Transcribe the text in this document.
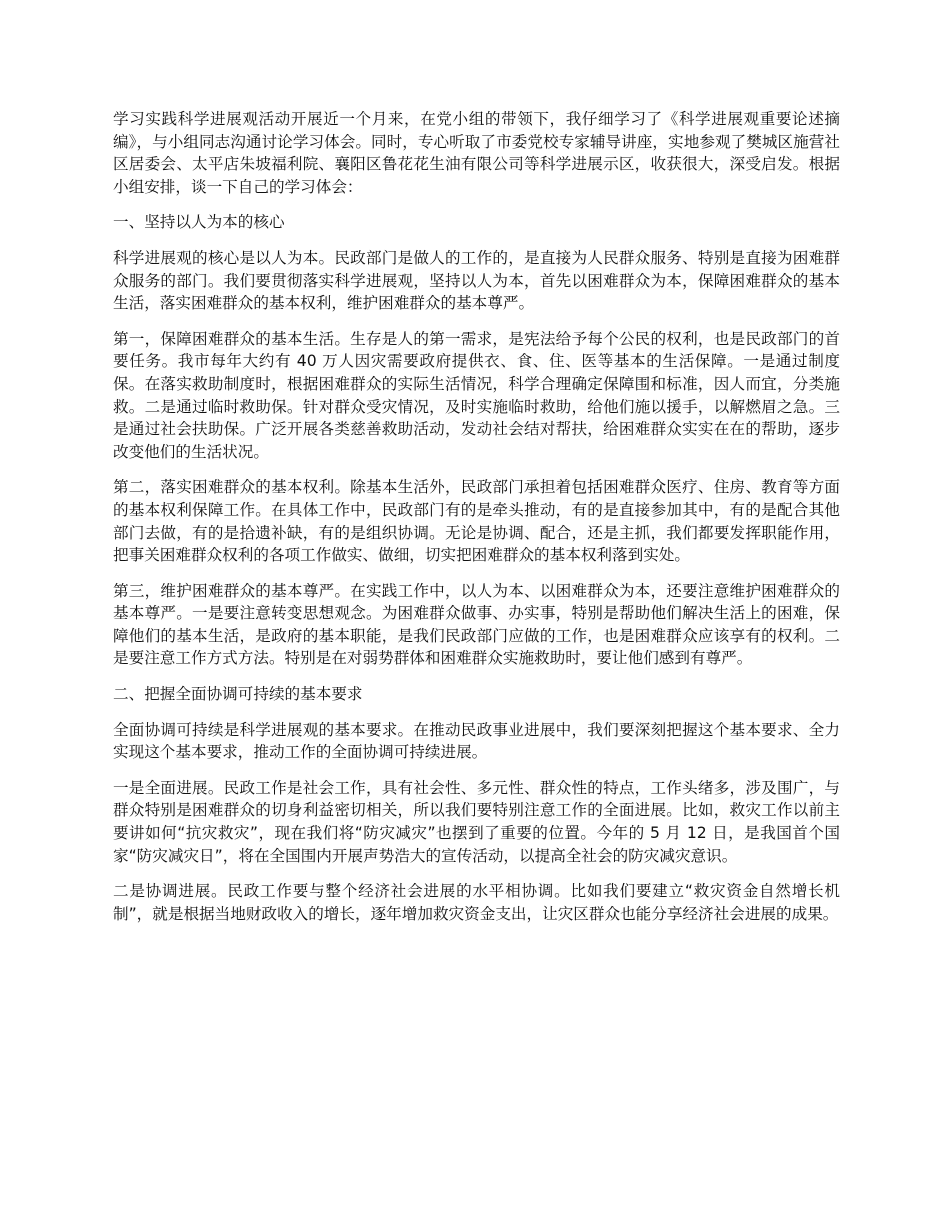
学习实践科学进展观活动开展近一个月来，在党小组的带领下，我仔细学习了《科学进展观重要论述摘编》，与小组同志沟通讨论学习体会。同时，专心听取了市委党校专家辅导讲座，实地参观了樊城区施营社区居委会、太平店朱坡福利院、襄阳区鲁花花生油有限公司等科学进展示区，收获很大，深受启发。根据小组安排，谈一下自己的学习体会：

一、坚持以人为本的核心

科学进展观的核心是以人为本。民政部门是做人的工作的，是直接为人民群众服务、特别是直接为困难群众服务的部门。我们要贯彻落实科学进展观，坚持以人为本，首先以困难群众为本，保障困难群众的基本生活，落实困难群众的基本权利，维护困难群众的基本尊严。

第一，保障困难群众的基本生活。生存是人的第一需求，是宪法给予每个公民的权利，也是民政部门的首要任务。我市每年大约有 40 万人因灾需要政府提供衣、食、住、医等基本的生活保障。一是通过制度保。在落实救助制度时，根据困难群众的实际生活情况，科学合理确定保障围和标准，因人而宜，分类施救。二是通过临时救助保。针对群众受灾情况，及时实施临时救助，给他们施以援手，以解燃眉之急。三是通过社会扶助保。广泛开展各类慈善救助活动，发动社会结对帮扶，给困难群众实实在在的帮助，逐步改变他们的生活状况。

第二，落实困难群众的基本权利。除基本生活外，民政部门承担着包括困难群众医疗、住房、教育等方面的基本权利保障工作。在具体工作中，民政部门有的是牵头推动，有的是直接参加其中，有的是配合其他部门去做，有的是拾遗补缺，有的是组织协调。无论是协调、配合，还是主抓，我们都要发挥职能作用，把事关困难群众权利的各项工作做实、做细，切实把困难群众的基本权利落到实处。

第三，维护困难群众的基本尊严。在实践工作中，以人为本、以困难群众为本，还要注意维护困难群众的基本尊严。一是要注意转变思想观念。为困难群众做事、办实事，特别是帮助他们解决生活上的困难，保障他们的基本生活，是政府的基本职能，是我们民政部门应做的工作，也是困难群众应该享有的权利。二是要注意工作方式方法。特别是在对弱势群体和困难群众实施救助时，要让他们感到有尊严。

二、把握全面协调可持续的基本要求

全面协调可持续是科学进展观的基本要求。在推动民政事业进展中，我们要深刻把握这个基本要求、全力实现这个基本要求，推动工作的全面协调可持续进展。

一是全面进展。民政工作是社会工作，具有社会性、多元性、群众性的特点，工作头绪多，涉及围广，与群众特别是困难群众的切身利益密切相关，所以我们要特别注意工作的全面进展。比如，救灾工作以前主要讲如何“抗灾救灾”，现在我们将“防灾减灾”也摆到了重要的位置。今年的 5 月 12 日，是我国首个国家“防灾减灾日”，将在全国围内开展声势浩大的宣传活动，以提高全社会的防灾减灾意识。

二是协调进展。民政工作要与整个经济社会进展的水平相协调。比如我们要建立“救灾资金自然增长机制”，就是根据当地财政收入的增长，逐年增加救灾资金支出，让灾区群众也能分享经济社会进展的成果。
